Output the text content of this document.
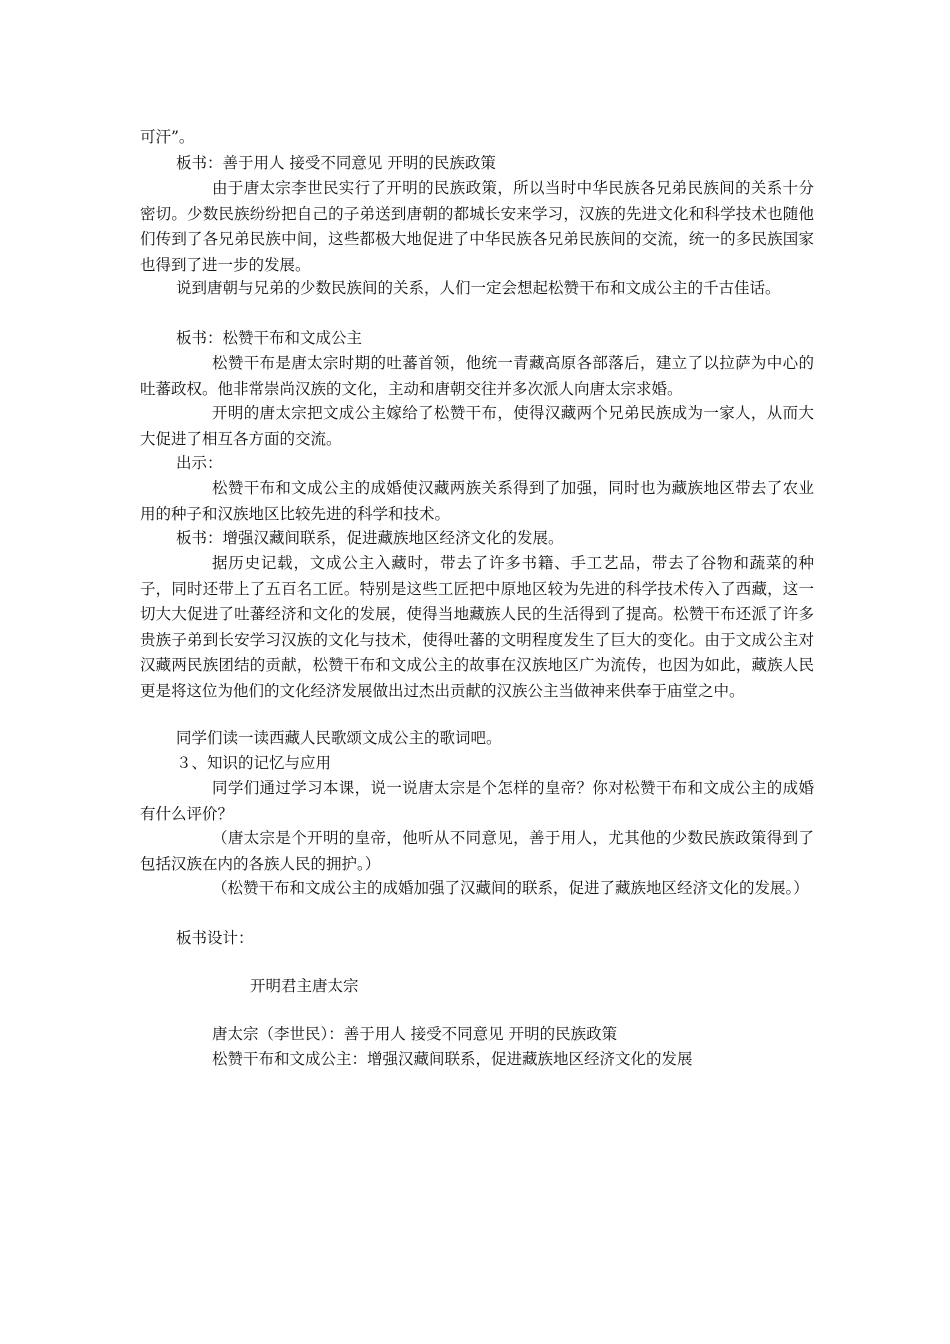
可汗”。

板书：善于用人 接受不同意见 开明的民族政策

由于唐太宗李世民实行了开明的民族政策，所以当时中华民族各兄弟民族间的关系十分密切。少数民族纷纷把自己的子弟送到唐朝的都城长安来学习，汉族的先进文化和科学技术也随他们传到了各兄弟民族中间，这些都极大地促进了中华民族各兄弟民族间的交流，统一的多民族国家也得到了进一步的发展。

说到唐朝与兄弟的少数民族间的关系，人们一定会想起松赞干布和文成公主的千古佳话。

板书：松赞干布和文成公主

松赞干布是唐太宗时期的吐蕃首领，他统一青藏高原各部落后，建立了以拉萨为中心的吐蕃政权。他非常崇尚汉族的文化，主动和唐朝交往并多次派人向唐太宗求婚。

开明的唐太宗把文成公主嫁给了松赞干布，使得汉藏两个兄弟民族成为一家人，从而大大促进了相互各方面的交流。

出示：

松赞干布和文成公主的成婚使汉藏两族关系得到了加强，同时也为藏族地区带去了农业用的种子和汉族地区比较先进的科学和技术。

板书：增强汉藏间联系，促进藏族地区经济文化的发展。

据历史记载，文成公主入藏时，带去了许多书籍、手工艺品，带去了谷物和蔬菜的种子，同时还带上了五百名工匠。特别是这些工匠把中原地区较为先进的科学技术传入了西藏，这一切大大促进了吐蕃经济和文化的发展，使得当地藏族人民的生活得到了提高。松赞干布还派了许多贵族子弟到长安学习汉族的文化与技术，使得吐蕃的文明程度发生了巨大的变化。由于文成公主对汉藏两民族团结的贡献，松赞干布和文成公主的故事在汉族地区广为流传，也因为如此，藏族人民更是将这位为他们的文化经济发展做出过杰出贡献的汉族公主当做神来供奉于庙堂之中。

同学们读一读西藏人民歌颂文成公主的歌词吧。

３、知识的记忆与应用

同学们通过学习本课，说一说唐太宗是个怎样的皇帝？你对松赞干布和文成公主的成婚有什么评价？

（唐太宗是个开明的皇帝，他听从不同意见，善于用人，尤其他的少数民族政策得到了包括汉族在内的各族人民的拥护。）

（松赞干布和文成公主的成婚加强了汉藏间的联系，促进了藏族地区经济文化的发展。）

板书设计：

开明君主唐太宗

唐太宗（李世民）：善于用人 接受不同意见 开明的民族政策

松赞干布和文成公主：增强汉藏间联系，促进藏族地区经济文化的发展
